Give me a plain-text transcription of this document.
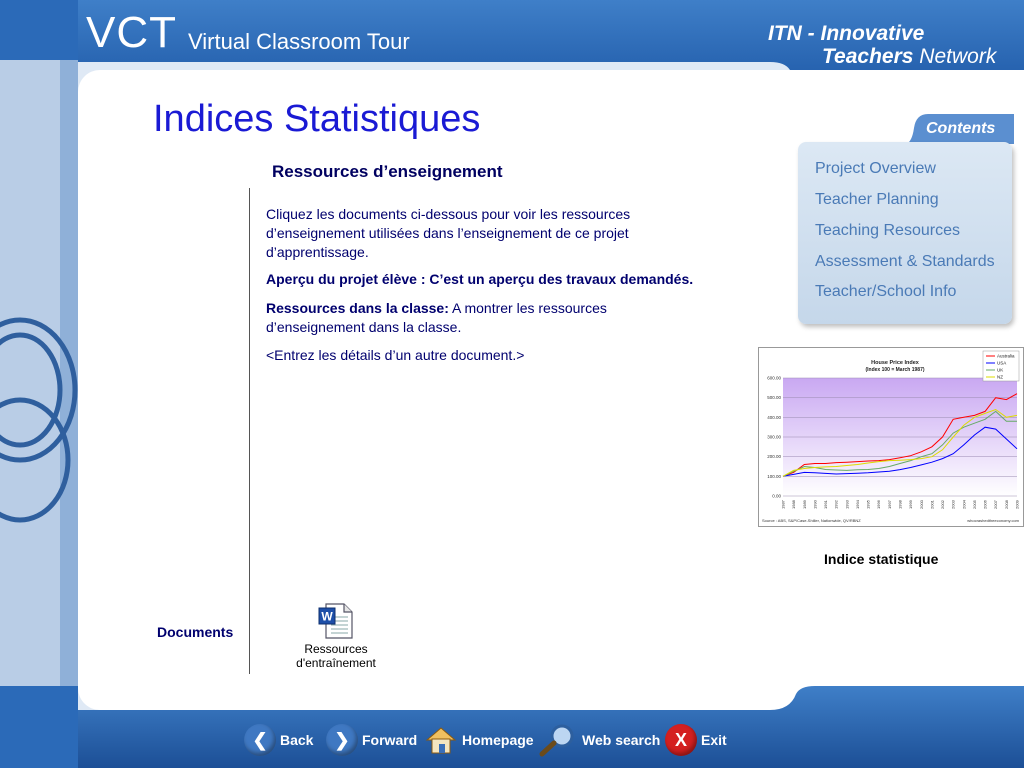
VCT Virtual Classroom Tour	ITN - Innovative
Teachers Network
Indices Statistiques
Ressources d’enseignement
Cliquez les documents ci-dessous pour voir les ressources d’enseignement utilisées dans l’enseignement de ce projet d’apprentissage.
Aperçu du projet élève : C’est un aperçu des travaux demandés.
Ressources dans la classe: A montrer les ressources d’enseignement dans la classe.
<Entrez les détails d’un autre document.>
Documents
W
Ressources d'entraînement
Contents
Project Overview
Teacher Planning
Teaching Resources
Assessment & Standards
Teacher/School Info
0.00
100.00
200.00
300.00
400.00
500.00
600.00
1987 1988 1989 1990 1991 1992 1993 1994 1995 1996 1997 1998 1999 2000 2001 2002 2003 2004 2005 2006 2007 2008 2009
House Price Index
(Index 100 = March 1987)
Australia
USA
UK
NZ
Source : ABS, S&P/Case-Shiller, Nationwide, QV/RBNZ	whocrashedtheeconomy.com
Indice statistique
❮ Back	❯ Forward	Homepage	Web search X	Exit
